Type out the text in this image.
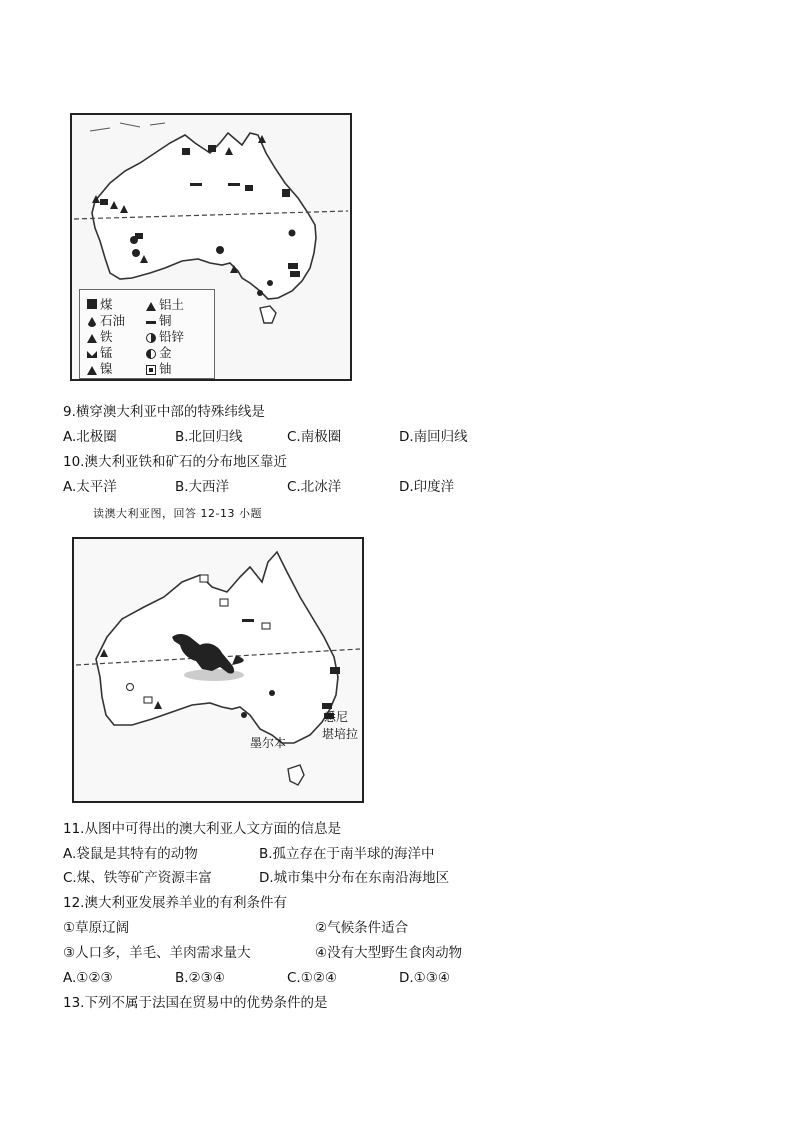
煤	铝土
石油	铜
铁	铅锌
锰	金
镍	铀
9.横穿澳大利亚中部的特殊纬线是
A.北极圈	B.北回归线	C.南极圈	D.南回归线
10.澳大利亚铁和矿石的分布地区靠近
A.太平洋	B.大西洋	C.北冰洋	D.印度洋
读澳大利亚图，回答 12-13 小题
悉尼
墨尔本
堪培拉
11.从图中可得出的澳大利亚人文方面的信息是
A.袋鼠是其特有的动物	B.孤立存在于南半球的海洋中
C.煤、铁等矿产资源丰富	D.城市集中分布在东南沿海地区
12.澳大利亚发展养羊业的有利条件有
①草原辽阔	②气候条件适合
③人口多，羊毛、羊肉需求量大	④没有大型野生食肉动物
A.①②③	B.②③④	C.①②④	D.①③④
13.下列不属于法国在贸易中的优势条件的是
